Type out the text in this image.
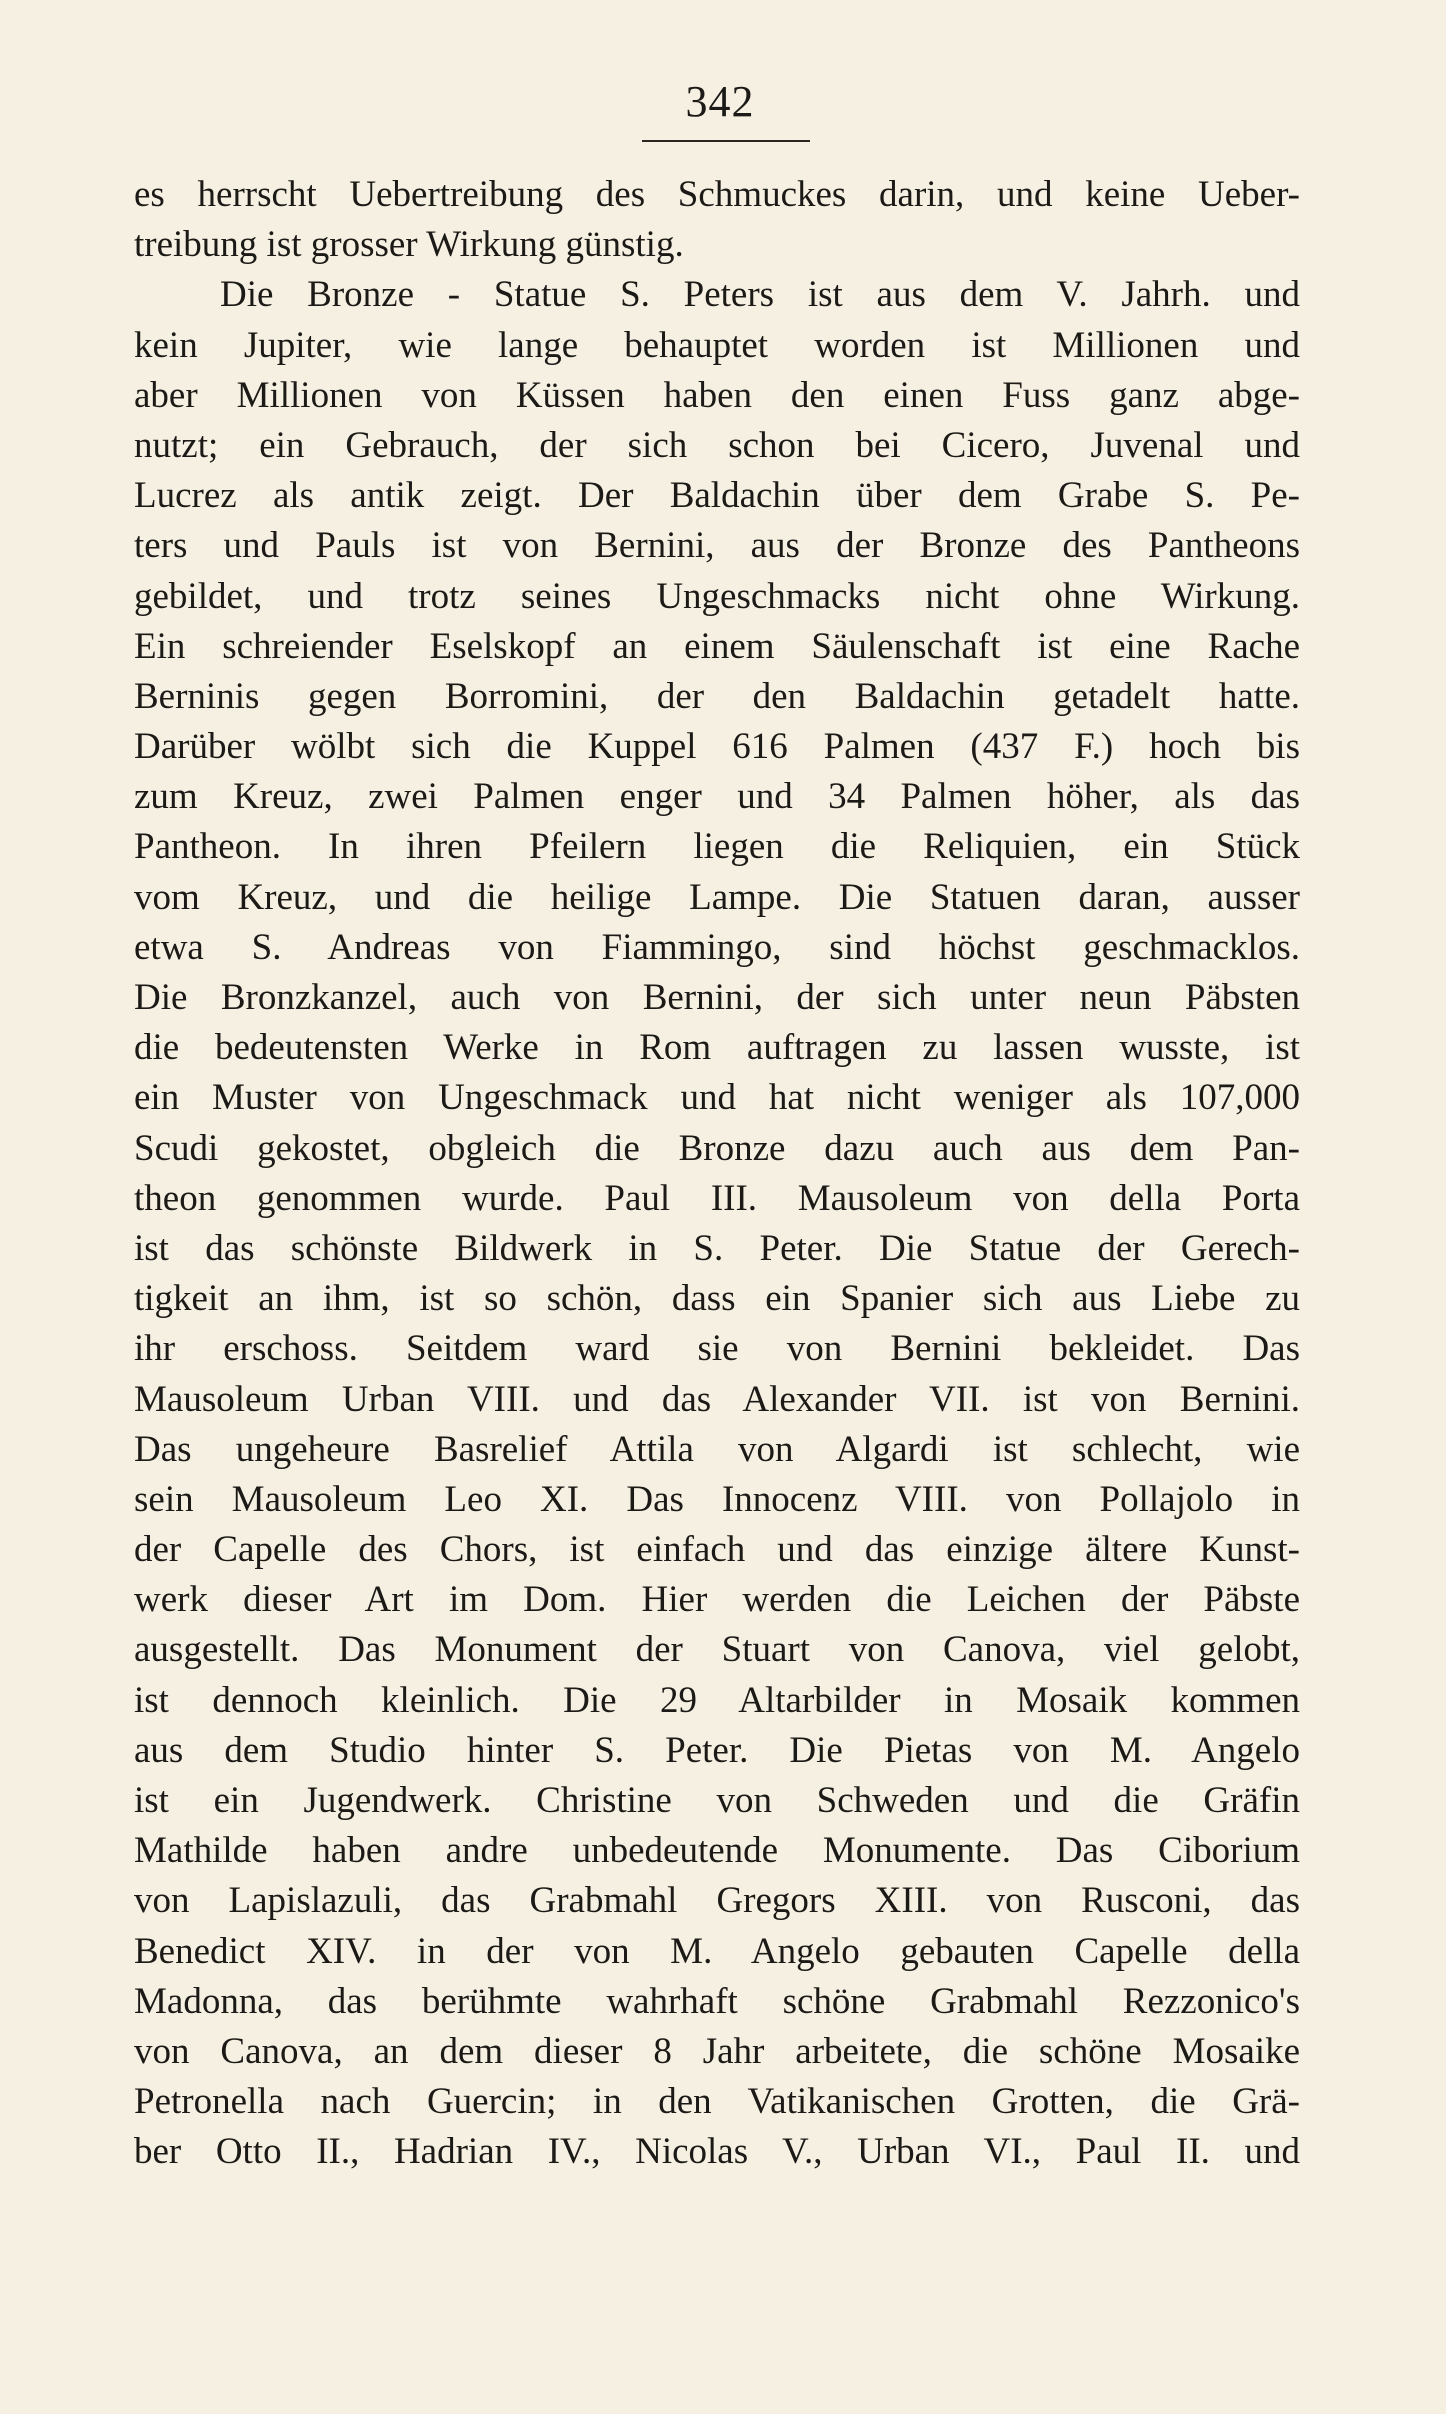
342
es herrscht Uebertreibung des Schmuckes darin, und keine Ueber-
treibung ist grosser Wirkung günstig.
Die Bronze - Statue S. Peters ist aus dem V. Jahrh. und
kein Jupiter, wie lange behauptet worden ist Millionen und
aber Millionen von Küssen haben den einen Fuss ganz abge-
nutzt; ein Gebrauch, der sich schon bei Cicero, Juvenal und
Lucrez als antik zeigt. Der Baldachin über dem Grabe S. Pe-
ters und Pauls ist von Bernini, aus der Bronze des Pantheons
gebildet, und trotz seines Ungeschmacks nicht ohne Wirkung.
Ein schreiender Eselskopf an einem Säulenschaft ist eine Rache
Berninis gegen Borromini, der den Baldachin getadelt hatte.
Darüber wölbt sich die Kuppel 616 Palmen (437 F.) hoch bis
zum Kreuz, zwei Palmen enger und 34 Palmen höher, als das
Pantheon. In ihren Pfeilern liegen die Reliquien, ein Stück
vom Kreuz, und die heilige Lampe. Die Statuen daran, ausser
etwa S. Andreas von Fiammingo, sind höchst geschmacklos.
Die Bronzkanzel, auch von Bernini, der sich unter neun Päbsten
die bedeutensten Werke in Rom auftragen zu lassen wusste, ist
ein Muster von Ungeschmack und hat nicht weniger als 107,000
Scudi gekostet, obgleich die Bronze dazu auch aus dem Pan-
theon genommen wurde. Paul III. Mausoleum von della Porta
ist das schönste Bildwerk in S. Peter. Die Statue der Gerech-
tigkeit an ihm, ist so schön, dass ein Spanier sich aus Liebe zu
ihr erschoss. Seitdem ward sie von Bernini bekleidet. Das
Mausoleum Urban VIII. und das Alexander VII. ist von Bernini.
Das ungeheure Basrelief Attila von Algardi ist schlecht, wie
sein Mausoleum Leo XI. Das Innocenz VIII. von Pollajolo in
der Capelle des Chors, ist einfach und das einzige ältere Kunst-
werk dieser Art im Dom. Hier werden die Leichen der Päbste
ausgestellt. Das Monument der Stuart von Canova, viel gelobt,
ist dennoch kleinlich. Die 29 Altarbilder in Mosaik kommen
aus dem Studio hinter S. Peter. Die Pietas von M. Angelo
ist ein Jugendwerk. Christine von Schweden und die Gräfin
Mathilde haben andre unbedeutende Monumente. Das Ciborium
von Lapislazuli, das Grabmahl Gregors XIII. von Rusconi, das
Benedict XIV. in der von M. Angelo gebauten Capelle della
Madonna, das berühmte wahrhaft schöne Grabmahl Rezzonico's
von Canova, an dem dieser 8 Jahr arbeitete, die schöne Mosaike
Petronella nach Guercin; in den Vatikanischen Grotten, die Grä-
ber Otto II., Hadrian IV., Nicolas V., Urban VI., Paul II. und
